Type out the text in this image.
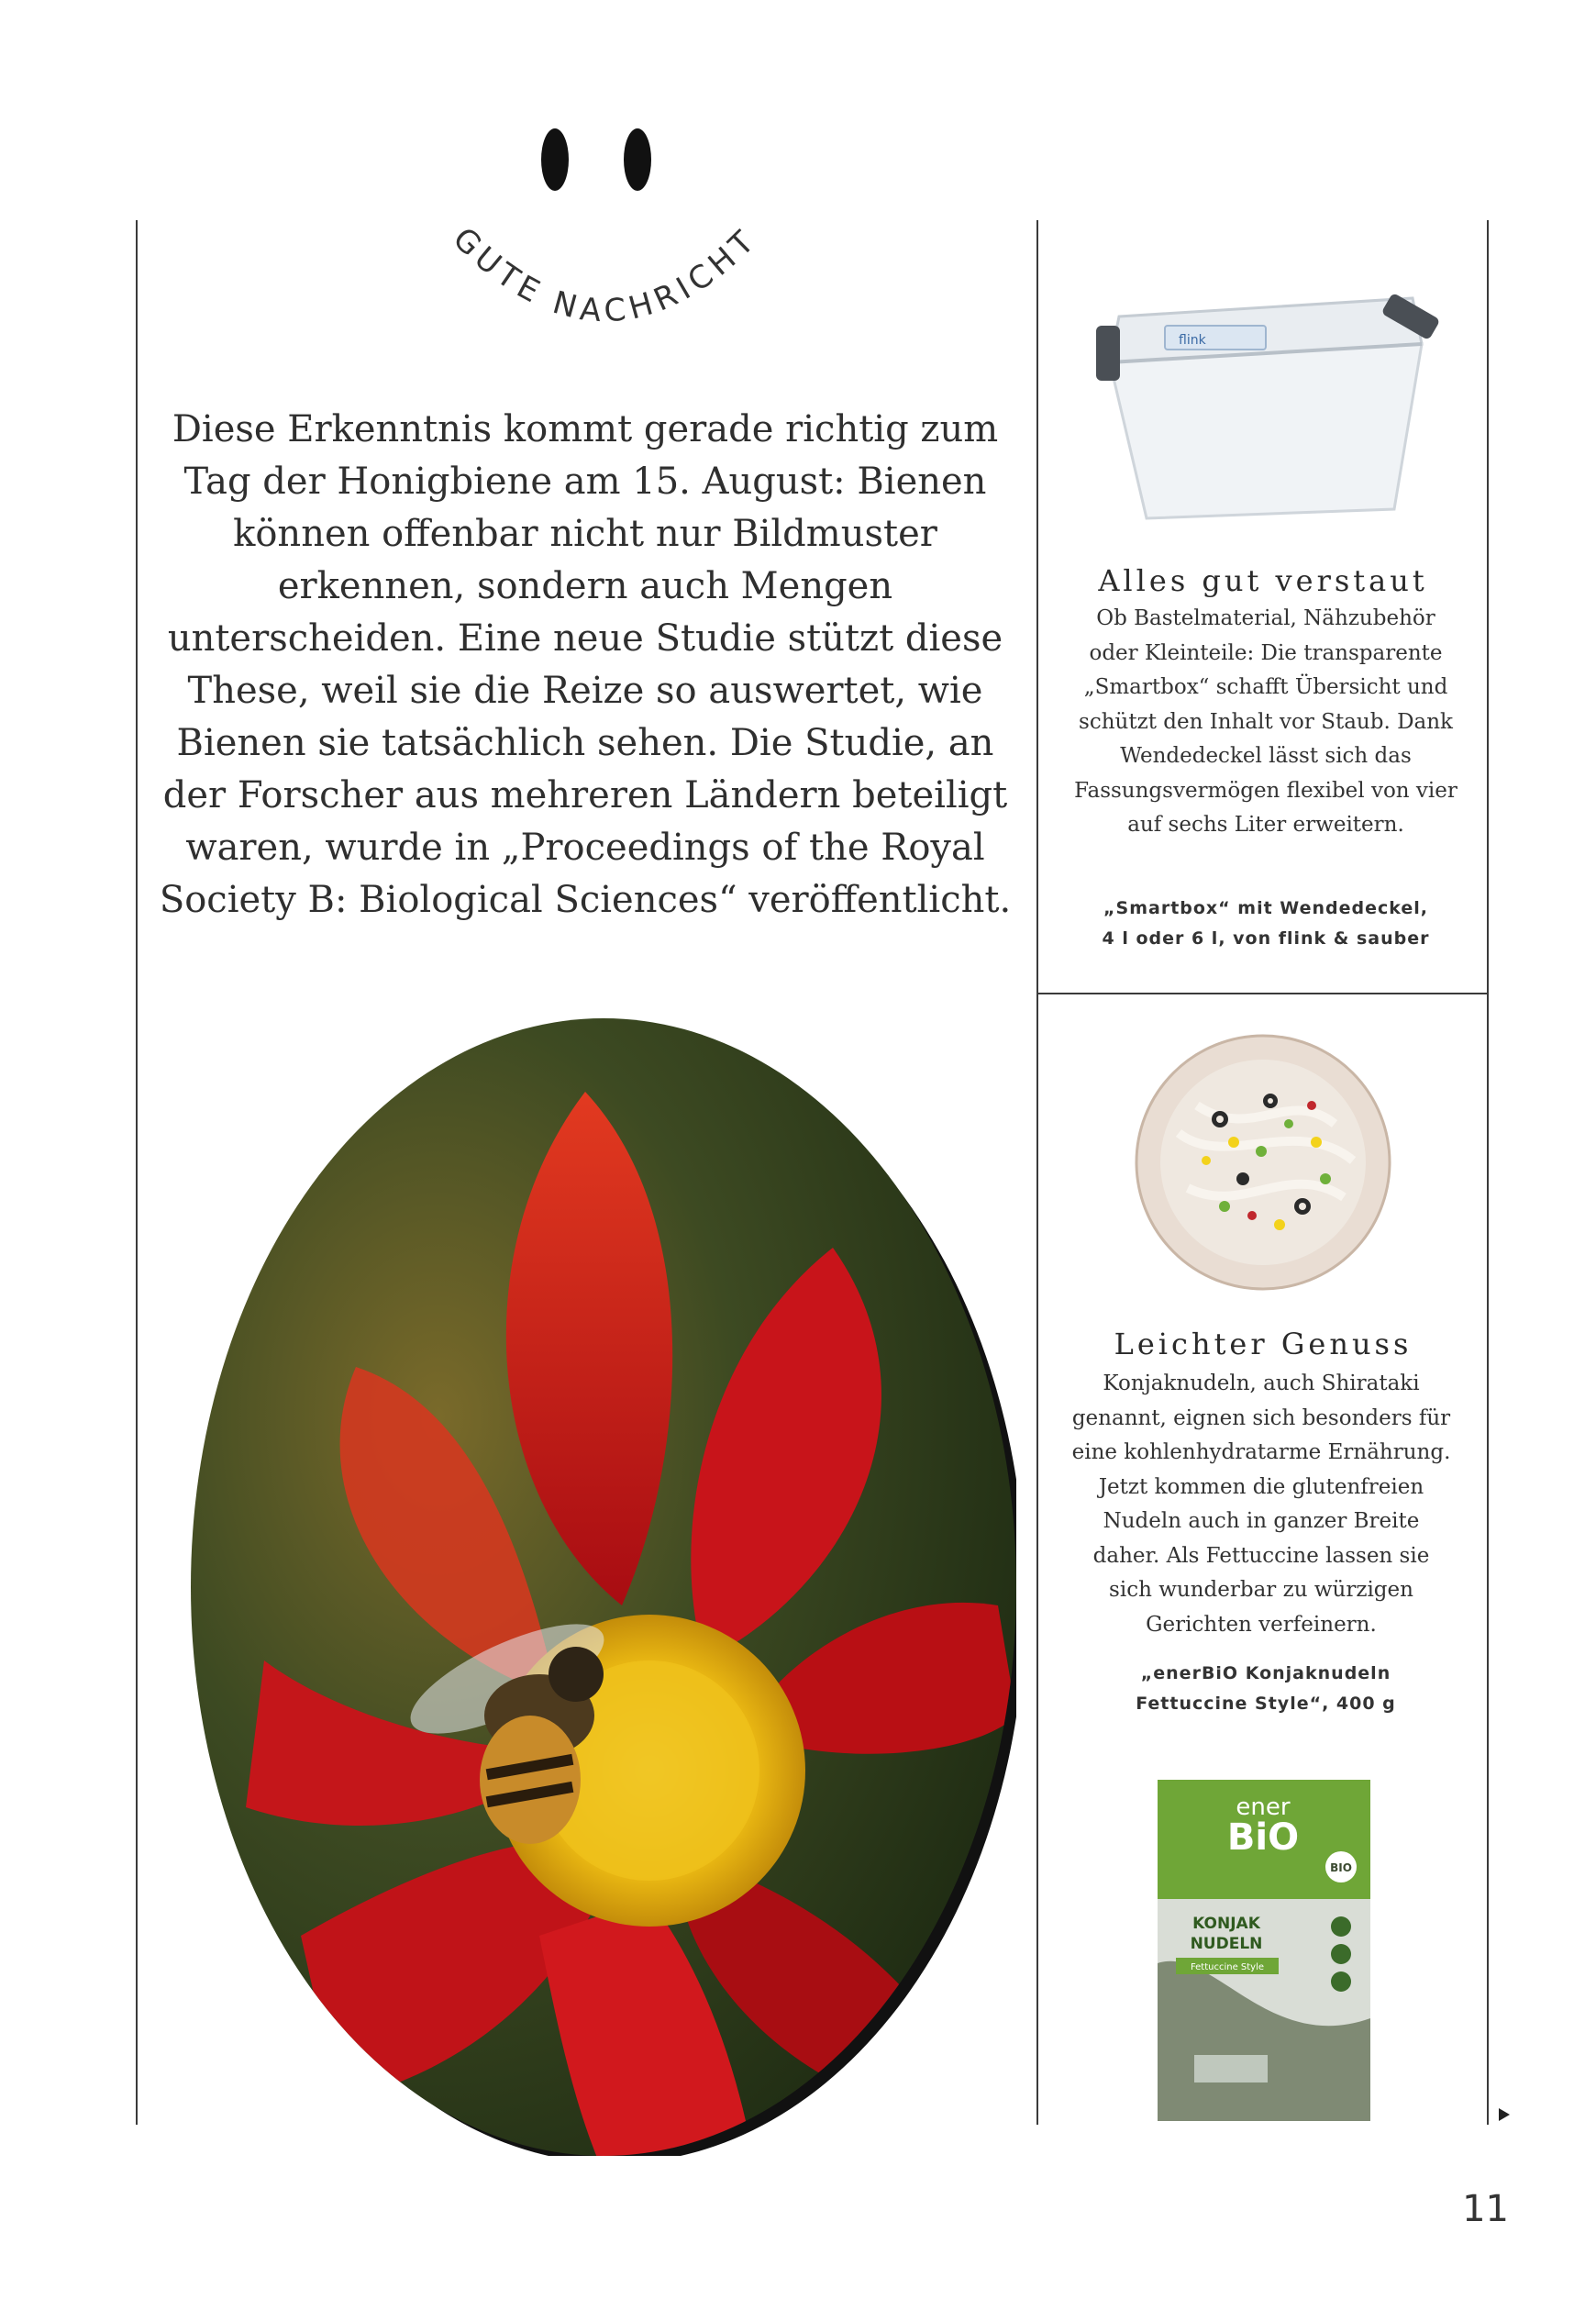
GUTE NACHRICHT

Diese Erkenntnis kommt gerade richtig zum Tag der Honigbiene am 15. August: Bienen können offenbar nicht nur Bildmuster erkennen, sondern auch Mengen unterscheiden. Eine neue Studie stützt diese These, weil sie die Reize so auswertet, wie Bienen sie tatsächlich sehen. Die Studie, an der Forscher aus mehreren Ländern beteiligt waren, wurde in „Proceedings of the Royal Society B: Biological Sciences“ veröffentlicht.

flink
Alles gut verstaut

Ob Bastelmaterial, Nähzubehör oder Kleinteile: Die transparente „Smartbox“ schafft Übersicht und schützt den Inhalt vor Staub. Dank Wendedeckel lässt sich das Fassungsvermögen flexibel von vier auf sechs Liter erweitern.

„Smartbox“ mit Wendedeckel,
4 l oder 6 l, von flink & sauber
Leichter Genuss

Konjaknudeln, auch Shirataki genannt, eignen sich besonders für eine kohlenhydratarme Ernährung. Jetzt kommen die glutenfreien Nudeln auch in ganzer Breite daher. Als Fettuccine lassen sie sich wunderbar zu würzigen Gerichten verfeinern.

„enerBiO Konjaknudeln
Fettuccine Style“, 400 g
ener
BiO
BIO
KONJAK
NUDELN
Fettuccine Style
11
